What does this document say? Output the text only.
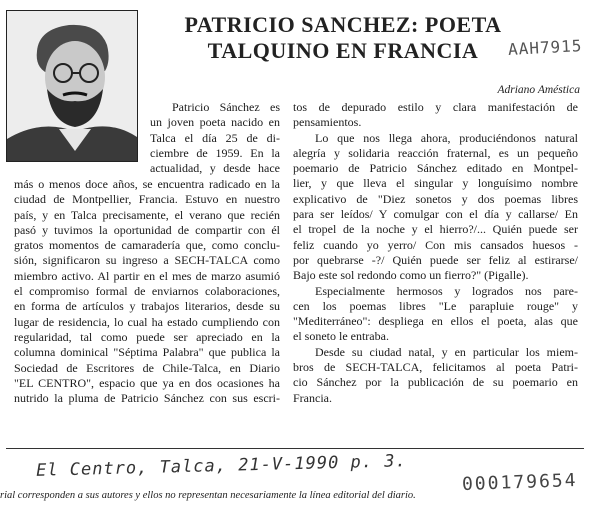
PATRICIO SANCHEZ: POETA
TALQUINO EN FRANCIA	AAH7915
Adriano Améstica
Patricio Sánchez es
un joven poeta nacido en
Talca el día 25 de di-
ciembre de 1959. En la
actualidad, y desde hace
más o menos doce años, se encuentra radicado en la
ciudad de Montpellier, Francia. Estuvo en nuestro
país, y en Talca precisamente, el verano que recién
pasó y tuvimos la oportunidad de compartir con él
gratos momentos de camaradería que, como conclu-
sión, significaron su ingreso a SECH-TALCA como
miembro activo. Al partir en el mes de marzo asumió
el compromiso formal de enviarnos colaboraciones,
en forma de artículos y trabajos literarios, desde su
lugar de residencia, lo cual ha estado cumpliendo con
regularidad, tal como puede ser apreciado en la
columna dominical "Séptima Palabra" que publica la
Sociedad de Escritores de Chile-Talca, en Diario
"EL CENTRO", espacio que ya en dos ocasiones ha
nutrido la pluma de Patricio Sánchez con sus escri-
tos de depurado estilo y clara manifestación de
pensamientos.
Lo que nos llega ahora, produciéndonos natural
alegría y solidaria reacción fraternal, es un pequeño
poemario de Patricio Sánchez editado en Montpel-
lier, y que lleva el singular y longuísimo nombre
explicativo de "Diez sonetos y dos poemas libres
para ser leídos/ Y comulgar con el día y callarse/ En
el tropel de la noche y el hierro?/... Quién puede ser
feliz cuando yo yerro/ Con mis cansados huesos -
por quebrarse -?/ Quién puede ser feliz al estirarse/
Bajo este sol redondo como un fierro?" (Pigalle).
Especialmente hermosos y logrados nos pare-
cen los poemas libres "Le parapluie rouge" y
"Mediterráneo": despliega en ellos el poeta, alas que
el soneto le entraba.
Desde su ciudad natal, y en particular los miem-
bros de SECH-TALCA, felicitamos al poeta Patri-
cio Sánchez por la publicación de su poemario en
Francia.
El Centro, Talca, 21-V-1990 p. 3.
000179654
rial corresponden a sus autores y ellos no representan necesariamente la línea editorial del diario.
